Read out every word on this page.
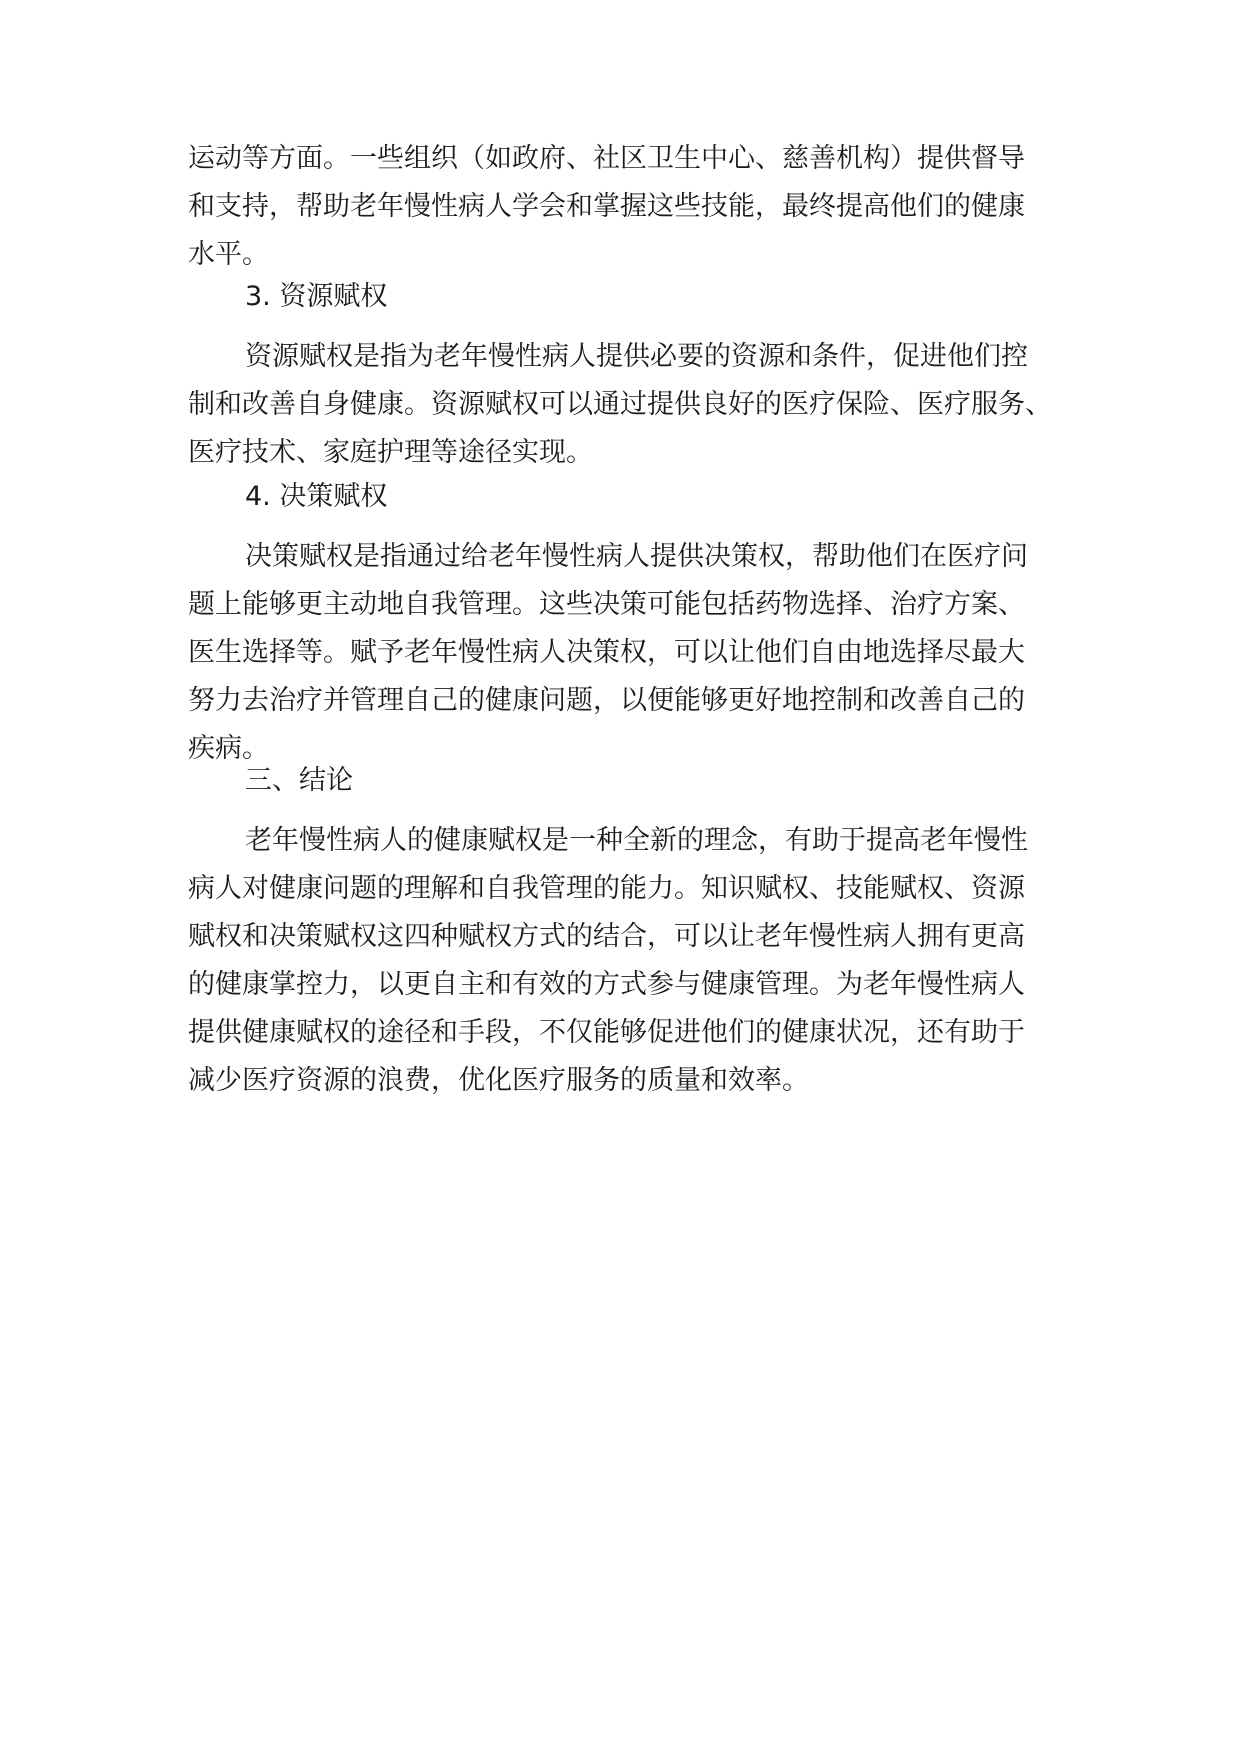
运动等方面。一些组织（如政府、社区卫生中心、慈善机构）提供督导
和支持，帮助老年慢性病人学会和掌握这些技能，最终提高他们的健康
水平。
3. 资源赋权
资源赋权是指为老年慢性病人提供必要的资源和条件，促进他们控
制和改善自身健康。资源赋权可以通过提供良好的医疗保险、医疗服务、
医疗技术、家庭护理等途径实现。
4. 决策赋权
决策赋权是指通过给老年慢性病人提供决策权，帮助他们在医疗问
题上能够更主动地自我管理。这些决策可能包括药物选择、治疗方案、
医生选择等。赋予老年慢性病人决策权，可以让他们自由地选择尽最大
努力去治疗并管理自己的健康问题，以便能够更好地控制和改善自己的
疾病。
三、结论
老年慢性病人的健康赋权是一种全新的理念，有助于提高老年慢性
病人对健康问题的理解和自我管理的能力。知识赋权、技能赋权、资源
赋权和决策赋权这四种赋权方式的结合，可以让老年慢性病人拥有更高
的健康掌控力，以更自主和有效的方式参与健康管理。为老年慢性病人
提供健康赋权的途径和手段，不仅能够促进他们的健康状况，还有助于
减少医疗资源的浪费，优化医疗服务的质量和效率。
